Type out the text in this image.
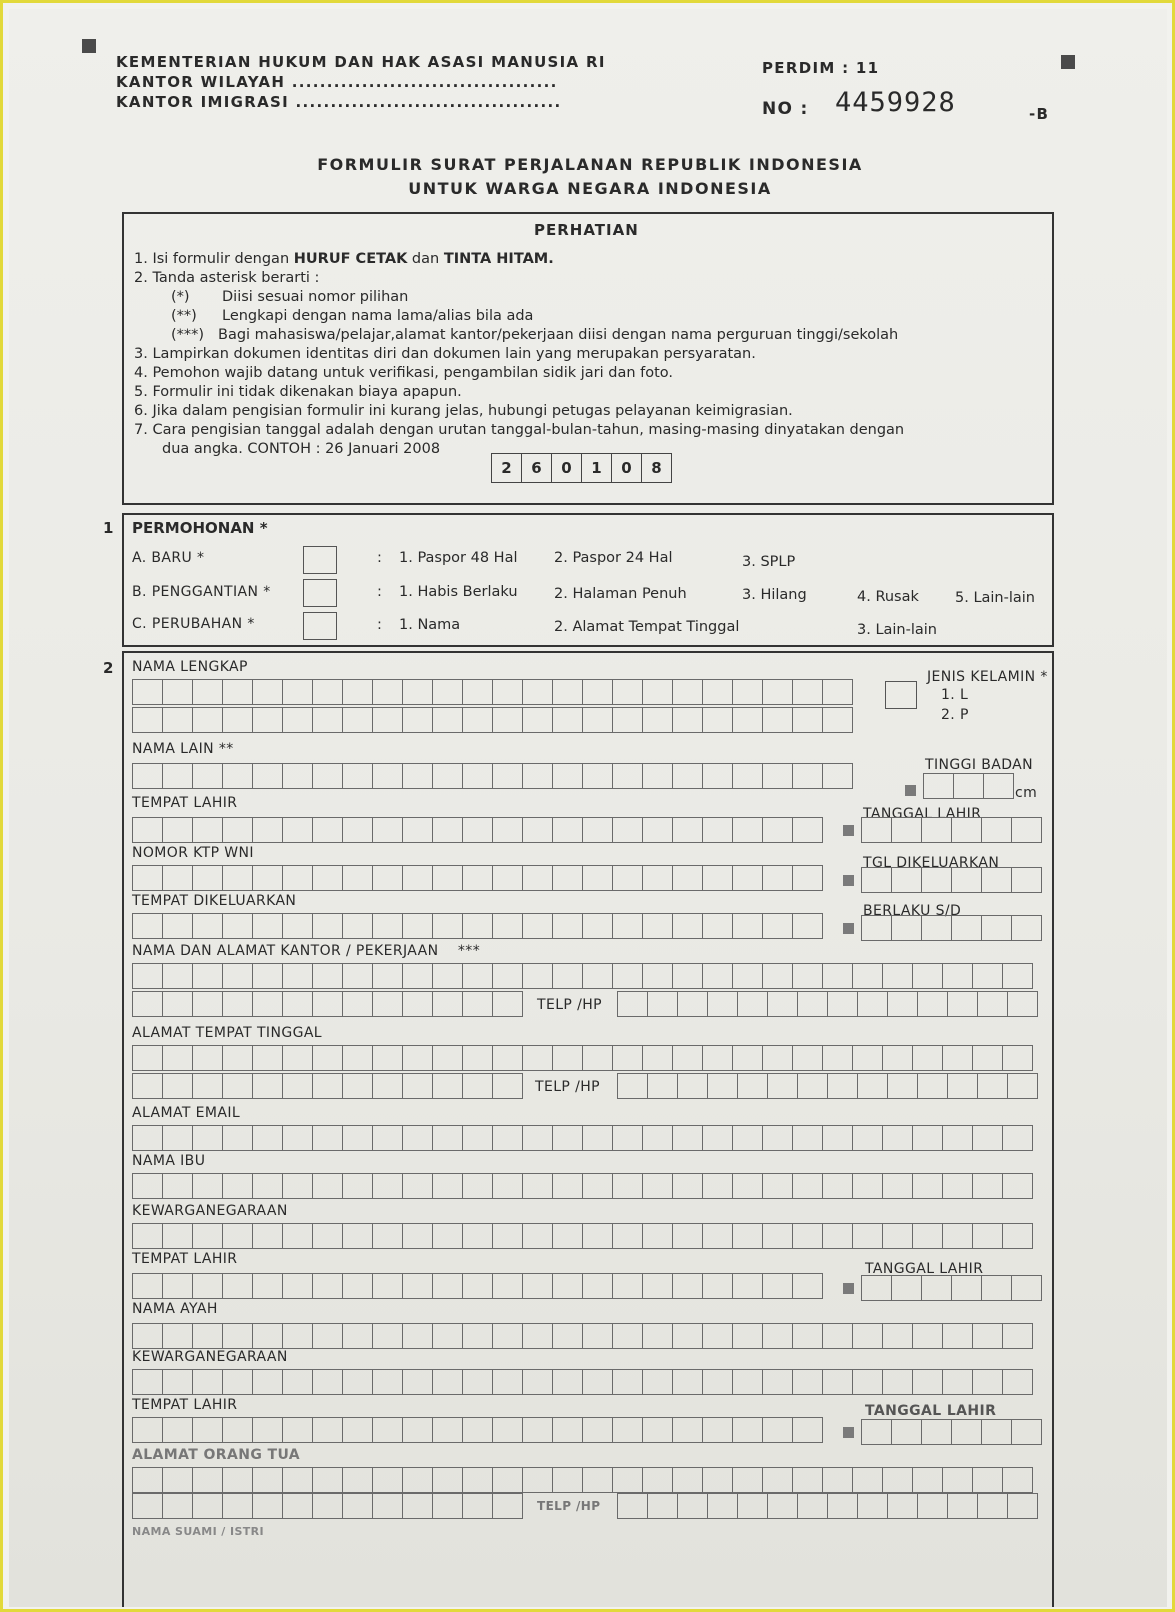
KEMENTERIAN HUKUM DAN HAK ASASI MANUSIA RI
KANTOR WILAYAH ......................................
KANTOR IMIGRASI ......................................
PERDIM : 11
NO : 4459928	-B
FORMULIR SURAT PERJALANAN REPUBLIK INDONESIA
UNTUK WARGA NEGARA INDONESIA
PERHATIAN
1. Isi formulir dengan HURUF CETAK dan TINTA HITAM.
2. Tanda asterisk berarti :
(*) Diisi sesuai nomor pilihan
(**) Lengkapi dengan nama lama/alias bila ada
(***) Bagi mahasiswa/pelajar,alamat kantor/pekerjaan diisi dengan nama perguruan tinggi/sekolah
3. Lampirkan dokumen identitas diri dan dokumen lain yang merupakan persyaratan.
4. Pemohon wajib datang untuk verifikasi, pengambilan sidik jari dan foto.
5. Formulir ini tidak dikenakan biaya apapun.
6. Jika dalam pengisian formulir ini kurang jelas, hubungi petugas pelayanan keimigrasian.
7. Cara pengisian tanggal adalah dengan urutan tanggal-bulan-tahun, masing-masing dinyatakan dengan
dua angka. CONTOH : 26 Januari 2008
2	6	0	1	0	8
1 PERMOHONAN *
A. BARU *	: 1. Paspor 48 Hal	2. Paspor 24 Hal	3. SPLP
B. PENGGANTIAN *	: 1. Habis Berlaku	2. Halaman Penuh	3. Hilang	4. Rusak 5. Lain-lain
C. PERUBAHAN *	: 1. Nama	2. Alamat Tempat Tinggal	3. Lain-lain
2 NAMA LENGKAP
JENIS KELAMIN *
1. L
2. P
NAMA LAIN **
TINGGI BADAN
cm
TEMPAT LAHIR
TANGGAL LAHIR
NOMOR KTP WNI
TGL DIKELUARKAN
TEMPAT DIKELUARKAN
BERLAKU S/D
NAMA DAN ALAMAT KANTOR / PEKERJAAN ***
TELP /HP
ALAMAT TEMPAT TINGGAL
TELP /HP
ALAMAT EMAIL
NAMA IBU
KEWARGANEGARAAN
TEMPAT LAHIR
TANGGAL LAHIR
NAMA AYAH
KEWARGANEGARAAN
TEMPAT LAHIR	TANGGAL LAHIR
ALAMAT ORANG TUA
TELP /HP
NAMA SUAMI / ISTRI
